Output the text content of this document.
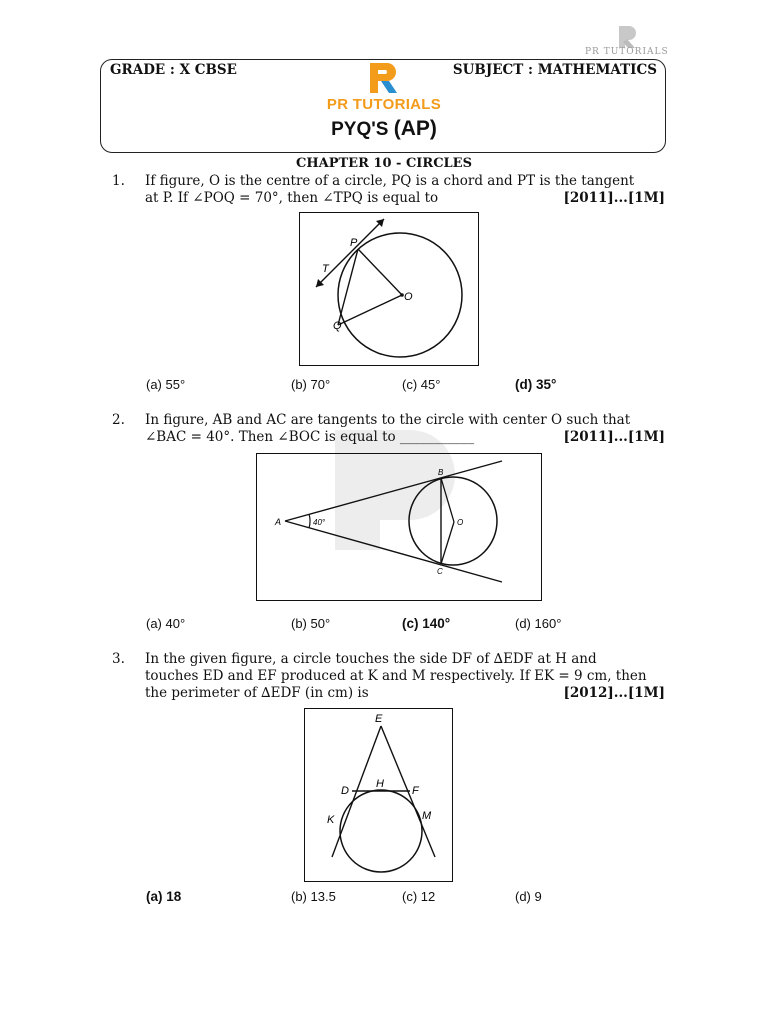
PR TUTORIALS
GRADE : X CBSE	SUBJECT : MATHEMATICS
PR TUTORIALS
PYQ'S (AP)
CHAPTER 10 - CIRCLES
1. If figure, O is the centre of a circle, PQ is a chord and PT is the tangent
at P. If ∠POQ = 70°, then ∠TPQ is equal to	[2011]...[1M]
P
T
O
Q
(a) 55°	(b) 70°	(c) 45°	(d) 35°
2. In figure, AB and AC are tangents to the circle with center O such that
∠BAC = 40°. Then ∠BOC is equal to ___________	[2011]...[1M]
A	40°
B
C
O
(a) 40°	(b) 50°	(c) 140°	(d) 160°
3. In the given figure, a circle touches the side DF of ∆EDF at H and
touches ED and EF produced at K and M respectively. If EK = 9 cm, then
the perimeter of ∆EDF (in cm) is	[2012]...[1M]
E
D
H
F
K	M
(a) 18	(b) 13.5	(c) 12	(d) 9
